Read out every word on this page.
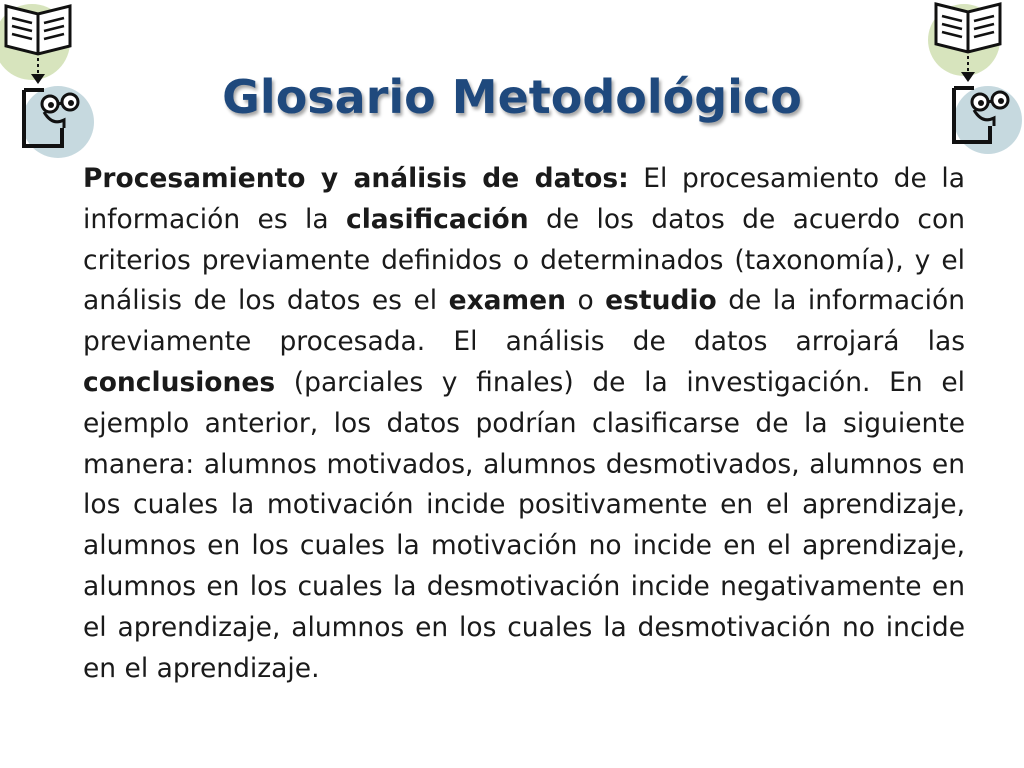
Glosario Metodológico

Procesamiento y análisis de datos: El procesamiento de la información es la clasificación de los datos de acuerdo con criterios previamente definidos o determinados (taxonomía), y el análisis de los datos es el examen o estudio de la información previamente procesada. El análisis de datos arrojará las conclusiones (parciales y finales) de la investigación. En el ejemplo anterior, los datos podrían clasificarse de la siguiente manera: alumnos motivados, alumnos desmotivados, alumnos en los cuales la motivación incide positivamente en el aprendizaje, alumnos en los cuales la motivación no incide en el aprendizaje, alumnos en los cuales la desmotivación incide negativamente en el aprendizaje, alumnos en los cuales la desmotivación no incide en el aprendizaje.
